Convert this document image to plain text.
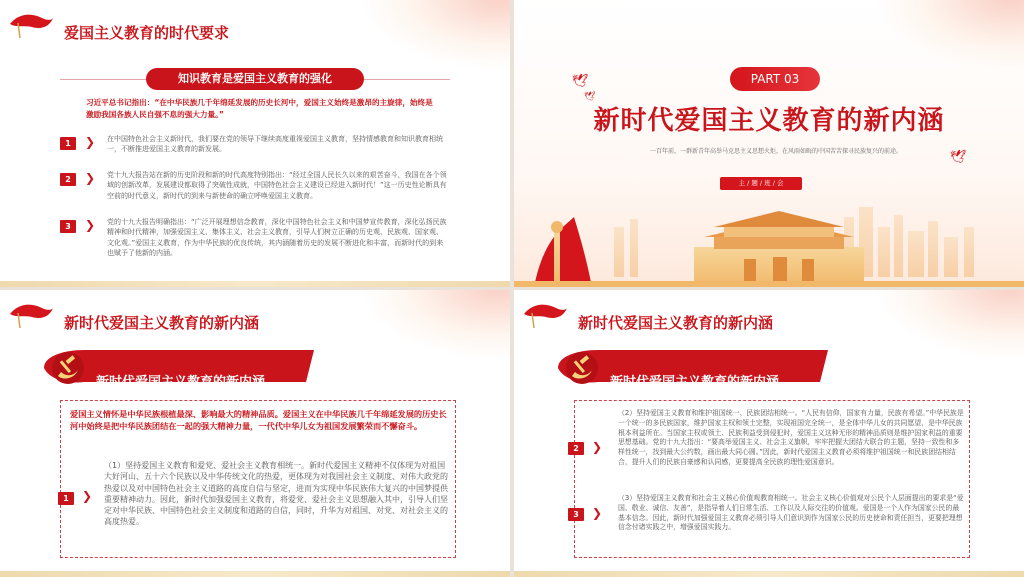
爱国主义教育的时代要求
知识教育是爱国主义教育的强化
习近平总书记指出：“在中华民族几千年绵延发展的历史长河中，爱国主义始终是激昂的主旋律，始终是激励我国各族人民自强不息的强大力量。”
1	❯ 在中国特色社会主义新时代，我们要在党的领导下继续高度重视爱国主义教育，坚持情感教育和知识教育相统一，不断推进爱国主义教育的新发展。
2	❯ 党十九大报告站在新的历史阶段和新的时代高度特别指出：“经过全国人民长久以来的艰苦奋斗，我国在各个领域的创新改革，发展建设都取得了突破性成就，中国特色社会主义建设已经进入新时代！”这一历史性论断具有空前的时代意义，新时代的到来与新使命的确立呼唤爱国主义教育。
3	❯ 党的十九大报告明确指出：“广泛开展理想信念教育，深化中国特色社会主义和中国梦宣传教育，深化弘扬民族精神和时代精神，加强爱国主义、集体主义、社会主义教育，引导人们树立正确的历史观、民族观、国家观、文化观。”爱国主义教育，作为中华民族的优良传统，其内涵随着历史的发展不断进化和丰富，而新时代的到来也赋予了他新的内涵。
🕊
🕊
🕊
PART 03
新时代爱国主义教育的新内涵
一百年前，一群新青年高举马克思主义思想火炬，在风雨如晦的中国苦苦探寻民族复兴的前途。
主 / 题 / 班 / 会
新时代爱国主义教育的新内涵
新时代爱国主义教育的新内涵
爱国主义情怀是中华民族根植最深、影响最大的精神品质。爱国主义在中华民族几千年绵延发展的历史长河中始终是把中华民族团结在一起的强大精神力量，一代代中华儿女为祖国发展繁荣而不懈奋斗。
1	❯
（1）坚持爱国主义教育和爱党、爱社会主义教育相统一。新时代爱国主义精神不仅体现为对祖国大好河山、五十六个民族以及中华传统文化的热爱，更体现为对我国社会主义制度、对伟大政党的热爱以及对中国特色社会主义道路的高度自信与坚定，进而为实现中华民族伟大复兴的中国梦提供重要精神动力。因此，新时代加强爱国主义教育，将爱党、爱社会主义思想融入其中，引导人们坚定对中华民族、中国特色社会主义制度和道路的自信，同时，升华为对祖国、对党、对社会主义的高度热爱。
新时代爱国主义教育的新内涵
新时代爱国主义教育的新内涵
2	❯
（2）坚持爱国主义教育和维护祖国统一、民族团结相统一。“人民有信仰，国家有力量，民族有希望。”中华民族是一个统一的多民族国家，维护国家主权和领土完整，实现祖国完全统一，是全体中华儿女的共同愿望，是中华民族根本利益所在。当国家主权或领土、民族利益受到侵犯时，爱国主义这种无形的精神品质则是维护国家利益的重要思想基础。党的十九大指出：“要高举爱国主义、社会主义旗帜，牢牢把握大团结大联合的主题，坚持一致性和多样性统一，找到最大公约数，画出最大同心圆。”因此，新时代爱国主义教育必须将维护祖国统一和民族团结相结合，提升人们的民族自豪感和认同感，更要提高全民族的理性爱国意识。
3	❯
（3）坚持爱国主义教育和社会主义核心价值观教育相统一。社会主义核心价值观对公民个人层面提出的要求是“爱国、敬业、诚信、友善”，是指导着人们日常生活、工作以及人际交往的价值观。爱国是一个人作为国家公民的最基本信念。因此，新时代加强爱国主义教育必须引导人们意识到作为国家公民的历史使命和责任担当，更要把理想信念付诸实践之中，增强爱国实践力。
